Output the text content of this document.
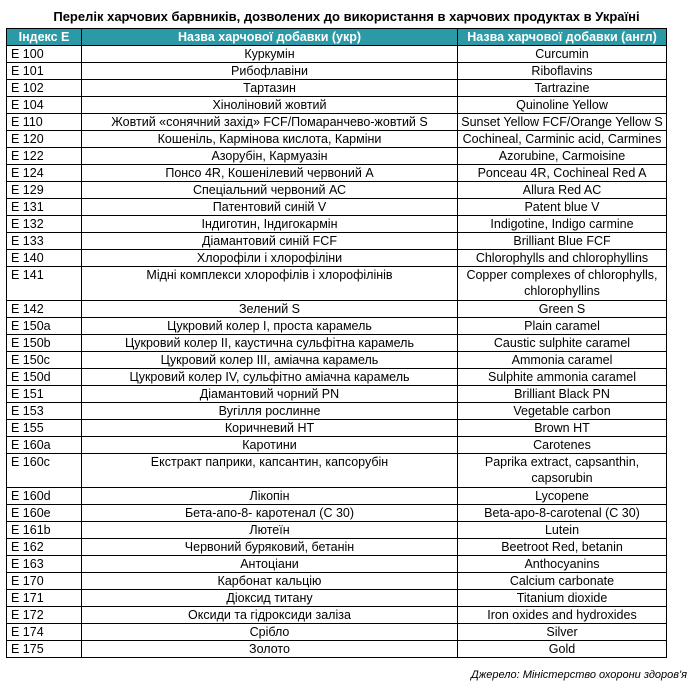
Перелік харчових барвників, дозволених до використання в харчових продуктах в Україні
Індекс Е	Назва харчової добавки (укр)	Назва харчової добавки (англ)
E 100	Куркумін	Curcumin
E 101	Рибофлавіни	Riboflavins
E 102	Тартазин	Tartrazine
E 104	Хіноліновий жовтий	Quinoline Yellow
E 110	Жовтий «сонячний захід» FCF/Помаранчево-жовтий S	Sunset Yellow FCF/Orange Yellow S
E 120	Кошеніль, Кармінова кислота, Карміни	Cochineal, Carminic acid, Carmines
E 122	Азорубін, Кармуазін	Azorubine, Carmoisine
E 124	Понсо 4R, Кошенілевий червоний А	Ponceau 4R, Cochineal Red A
E 129	Спеціальний червоний АС	Allura Red AC
E 131	Патентовий синій V	Patent blue V
E 132	Індиготин, Індигокармін	Indigotine, Indigo carmine
E 133	Діамантовий синій FCF	Brilliant Blue FCF
E 140	Хлорофіли і хлорофіліни	Chlorophylls and chlorophyllins
E 141	Мідні комплекси хлорофілів і хлорофілінів	Copper complexes of chlorophylls, chlorophyllins
E 142	Зелений S	Green S
E 150a	Цукровий колер І, проста карамель	Plain caramel
E 150b	Цукровий колер ІІ, каустична сульфітна карамель	Caustic sulphite caramel
E 150c	Цукровий колер ІІІ, аміачна карамель	Ammonia caramel
E 150d	Цукровий колер IV, сульфітно аміачна карамель	Sulphite ammonia caramel
E 151	Діамантовий чорний PN	Brilliant Black PN
E 153	Вугілля рослинне	Vegetable carbon
E 155	Коричневий НТ	Brown HT
E 160a	Каротини	Carotenes
E 160c	Екстракт паприки, капсантин, капсорубін	Paprika extract, capsanthin, capsorubin
E 160d	Лікопін	Lycopene
E 160e	Бета-апо-8- каротенал (С 30)	Beta-apo-8-carotenal (C 30)
E 161b	Лютеїн	Lutein
E 162	Червоний буряковий, бетанін	Beetroot Red, betanin
E 163	Антоціани	Anthocyanins
E 170	Карбонат кальцію	Calcium carbonate
E 171	Діоксид титану	Titanium dioxide
E 172	Оксиди та гідроксиди заліза	Iron oxides and hydroxides
E 174	Срібло	Silver
E 175	Золото	Gold
Джерело: Міністерство охорони здоров'я
